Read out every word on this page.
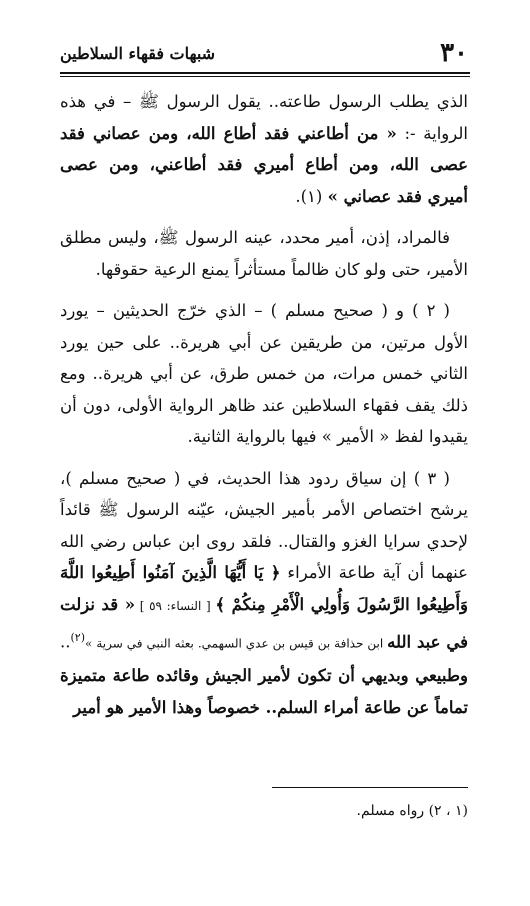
٣٠
شبهات فقهاء السلاطين

الذي يطلب الرسول طاعته.. يقول الرسول ﷺ – في هذه الرواية -: « من أطاعني فقد أطاع الله، ومن عصاني فقد عصى الله، ومن أطاع أميري فقد أطاعني، ومن عصى أميري فقد عصاني » (١).

فالمراد، إذن، أمير محدد، عينه الرسول ﷺ، وليس مطلق الأمير، حتى ولو كان ظالماً مستأثراً يمنع الرعية حقوقها.

( ٢ ) و ( صحيح مسلم ) – الذي خرّج الحديثين – يورد الأول مرتين، من طريقين عن أبي هريرة.. على حين يورد الثاني خمس مرات، من خمس طرق، عن أبي هريرة.. ومع ذلك يقف فقهاء السلاطين عند ظاهر الرواية الأولى، دون أن يقيدوا لفظ « الأمير » فيها بالرواية الثانية.

( ٣ ) إن سياق ردود هذا الحديث، في ( صحيح مسلم )، يرشح اختصاص الأمر بأمير الجيش، عيّنه الرسول ﷺ قائداً لإحدي سرايا الغزو والقتال.. فلقد روى ابن عباس رضي الله عنهما أن آية طاعة الأمراء ﴿ يَا أَيُّهَا الَّذِينَ آمَنُوا أَطِيعُوا اللَّهَ وَأَطِيعُوا الرَّسُولَ وَأُولِي الْأَمْرِ مِنكُمْ ﴾ [ النساء: ٥٩ ] « قد نزلت في عبد الله ابن حذافة بن قيس بن عدي السهمي. بعثه النبي في سرية »$^{(٢)}$.. وطبيعي وبديهي أن تكون لأمير الجيش وقائده طاعة متميزة تماماً عن طاعة أمراء السلم.. خصوصاً وهذا الأمير هو أمير

(١ ، ٢) رواه مسلم.
